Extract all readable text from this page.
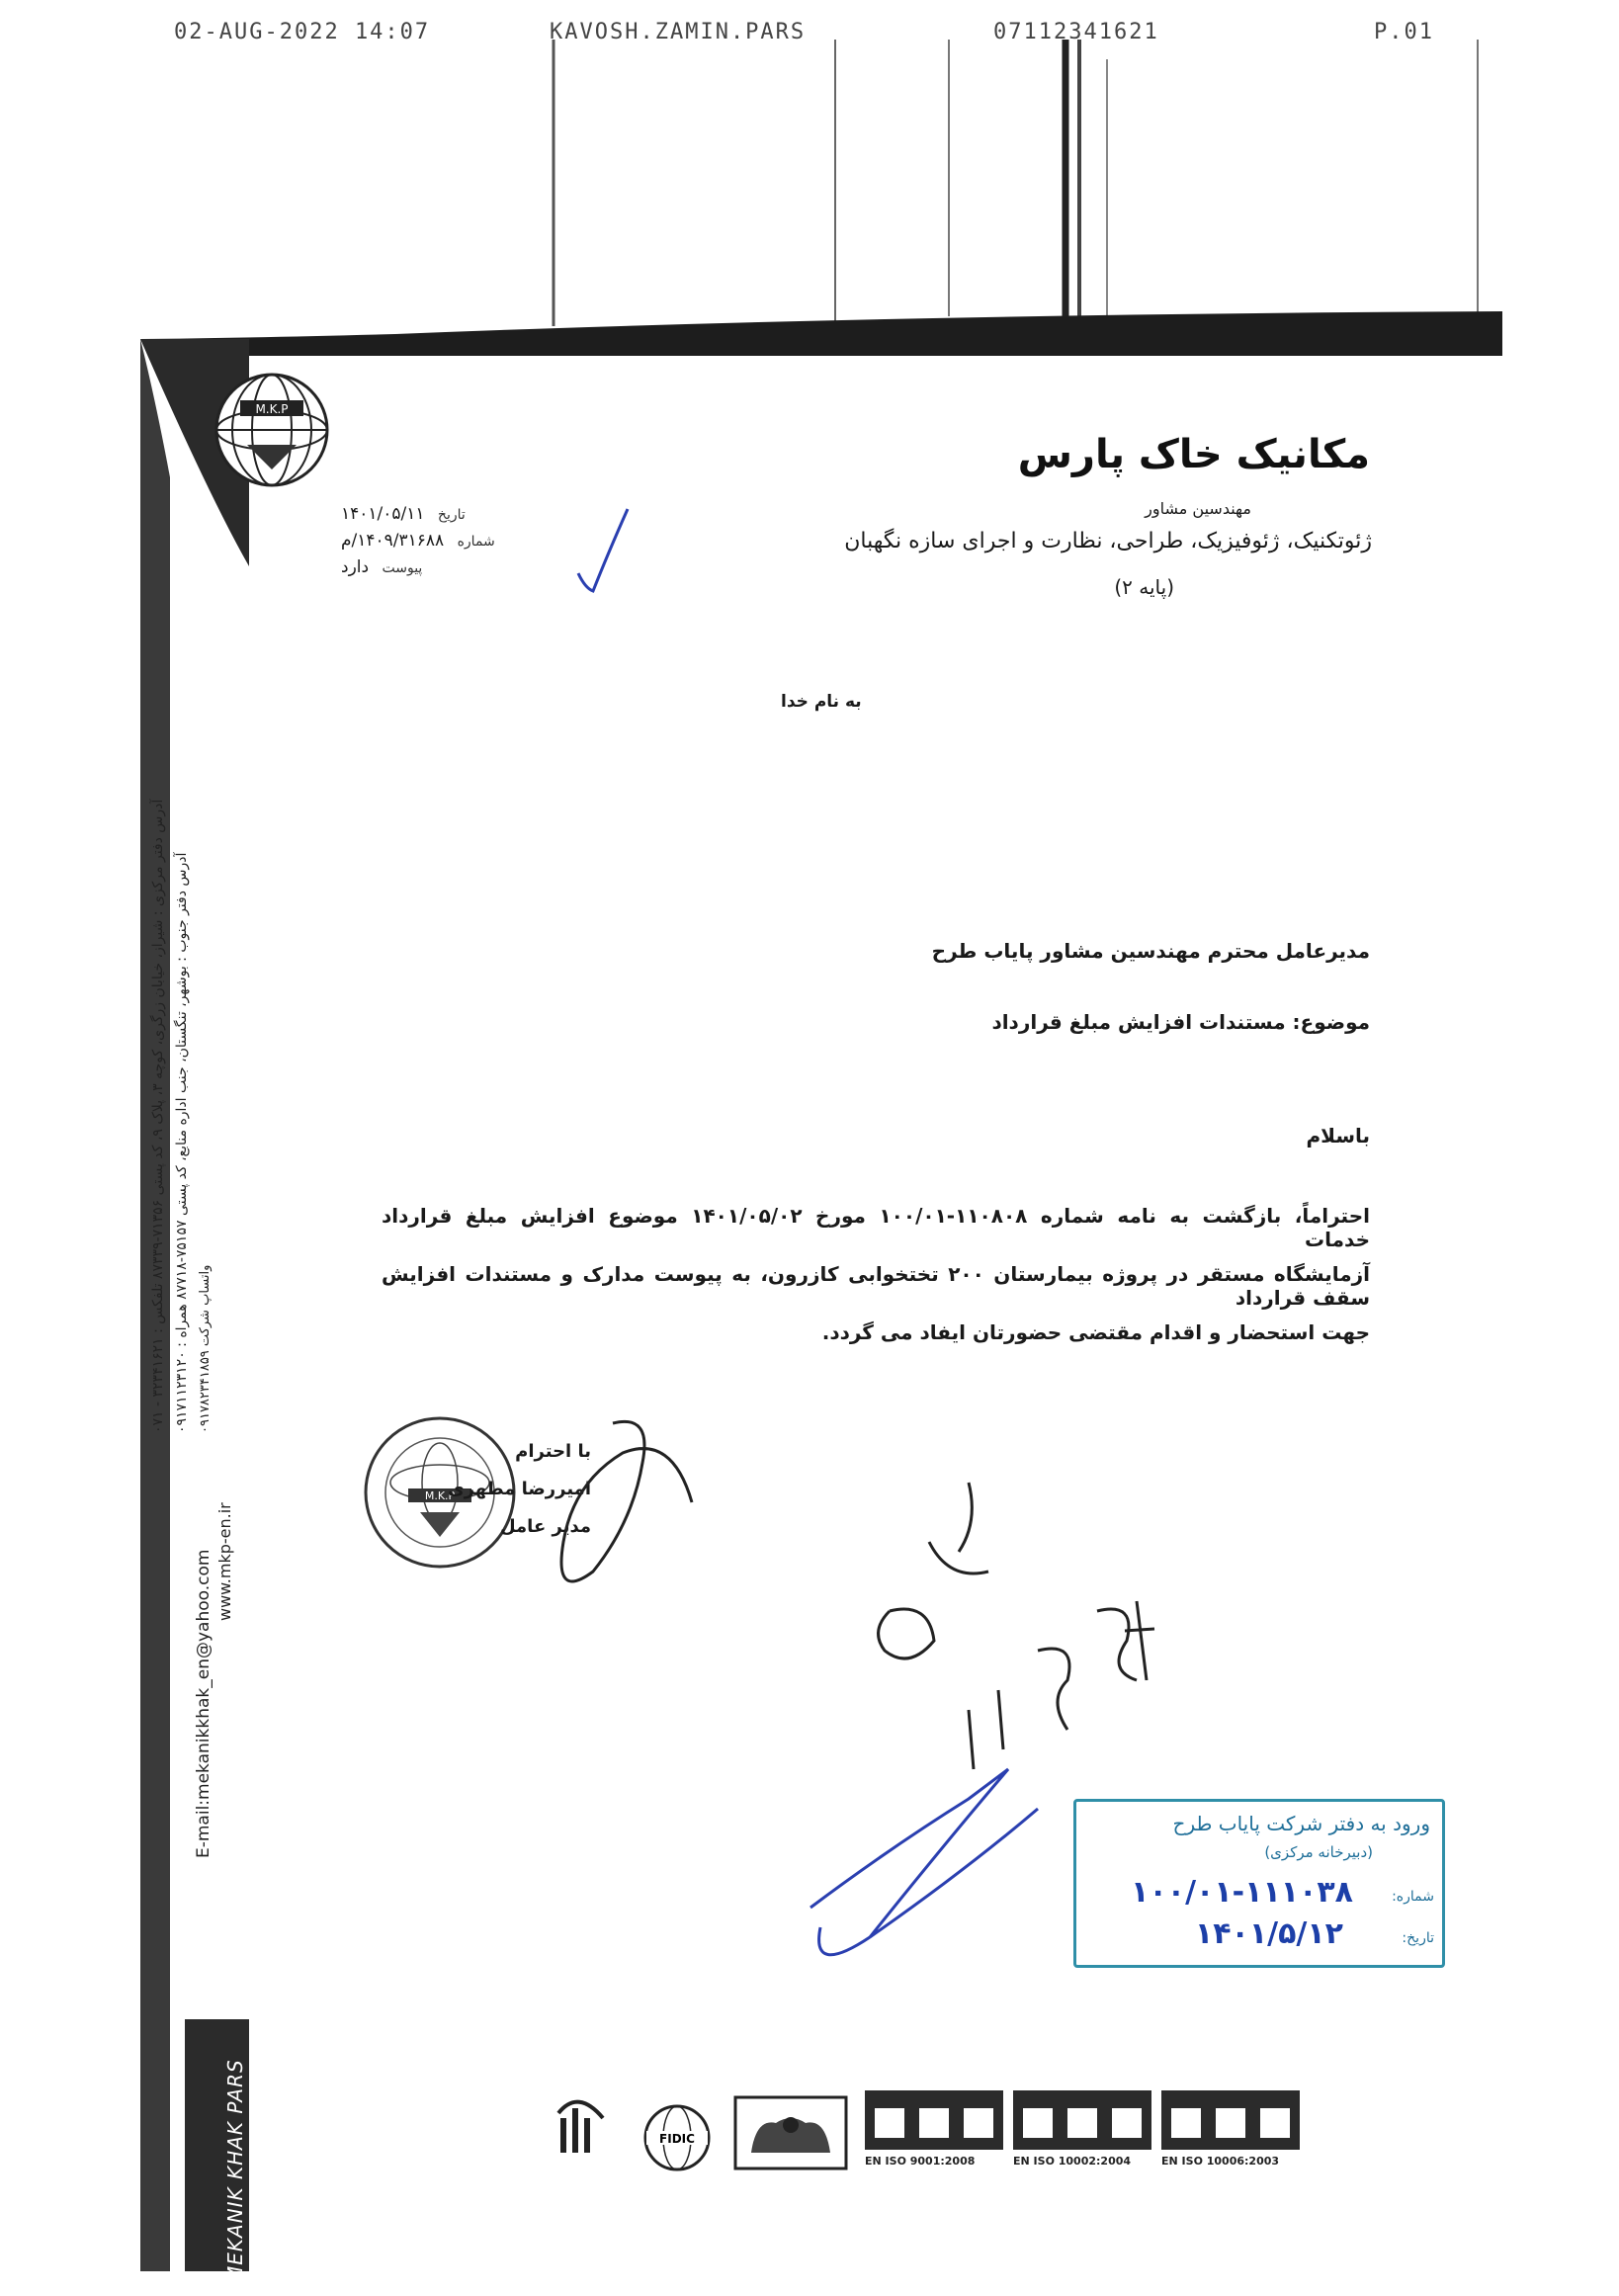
02-AUG-2022 14:07	KAVOSH.ZAMIN.PARS	07112341621	P.01
آدرس دفتر مرکزی : شیراز، خیابان زرگری، کوچه ۳، پلاک ۹، کد پستی ۷۱۳۵۶-۸۷۳۳۹ تلفکس : ۳۲۳۴۱۶۲۱ - ۰۷۱
آدرس دفتر جنوب : بوشهر، تنگستان، جنب اداره منابع، کد پستی ۷۵۱۵۷-۸۷۷۱۸ همراه : ۰۹۱۷۱۱۲۳۱۲۰
واتساپ شرکت ۰۹۱۷۸۲۳۴۱۸۵۹
E-mail:mekanikkhak_en@yahoo.com www.mkp-en.ir
MEKANIK KHAK PARS
M.K.P
مکانیک خاک پارس
مهندسین مشاور
ژئوتکنیک، ژئوفیزیک، طراحی، نظارت و اجرای سازه نگهبان
(پایه ۲)
تاریخ ۱۴۰۱/۰۵/۱۱
شماره ۱۴۰۹/۳۱۶۸۸/م
پیوست دارد
به نام خدا
مدیرعامل محترم مهندسین مشاور پایاب طرح
موضوع: مستندات افزایش مبلغ قرارداد
باسلام
احتراماً، بازگشت به نامه شماره ۱۱۰۸۰۸-۱۰۰/۰۱ مورخ ۱۴۰۱/۰۵/۰۲ موضوع افزایش مبلغ قرارداد خدمات
آزمایشگاه مستقر در پروژه بیمارستان ۲۰۰ تختخوابی کازرون، به پیوست مدارک و مستندات افزایش سقف قرارداد
جهت استحضار و اقدام مقتضی حضورتان ایفاد می گردد.
M.K.P
با احترام
امیررضا مطهری
مدیر عامل
ورود به دفتر شرکت پایاب طرح
(دبیرخانه مرکزی)
شماره:
۱۰۰/۰۱-۱۱۱۰۳۸
تاریخ:
۱۴۰۱/۵/۱۲
FIDIC
EN ISO 9001:2008	EN ISO 10002:2004	EN ISO 10006:2003
